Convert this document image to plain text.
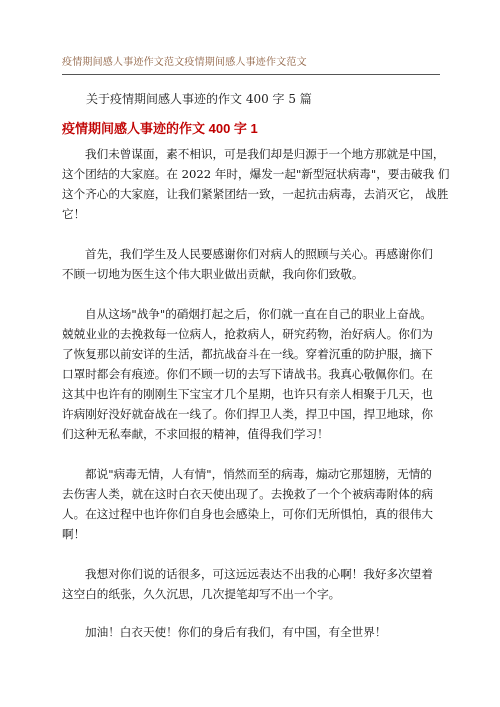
疫情期间感人事迹作文范文疫情期间感人事迹作文范文
关于疫情期间感人事迹的作文 400 字 5 篇
疫情期间感人事迹的作文 400 字 1
我们未曾谋面，素不相识，可是我们却是归源于一个地方那就是中国，
这个团结的大家庭。在 2022 年时，爆发一起"新型冠状病毒"，要击破我 们
这个齐心的大家庭，让我们紧紧团结一致，一起抗击病毒，去消灭它， 战胜
它！
首先，我们学生及人民要感谢你们对病人的照顾与关心。再感谢你们
不顾一切地为医生这个伟大职业做出贡献，我向你们致敬。
自从这场"战争"的硝烟打起之后，你们就一直在自己的职业上奋战。
兢兢业业的去挽救每一位病人，抢救病人，研究药物，治好病人。你们为
了恢复那以前安详的生活，都抗战奋斗在一线。穿着沉重的防护服，摘下
口罩时都会有痕迹。你们不顾一切的去写下请战书。我真心敬佩你们。在
这其中也许有的刚刚生下宝宝才几个星期，也许只有亲人相聚于几天，也
许病刚好没好就奋战在一线了。你们捍卫人类，捍卫中国，捍卫地球，你
们这种无私奉献，不求回报的精神，值得我们学习！
都说"病毒无情，人有情"，悄然而至的病毒，煽动它那翅膀，无情的
去伤害人类，就在这时白衣天使出现了。去挽救了一个个被病毒附体的病
人。在这过程中也许你们自身也会感染上，可你们无所惧怕，真的很伟大
啊！
我想对你们说的话很多，可这远远表达不出我的心啊！我好多次望着
这空白的纸张，久久沉思，几次提笔却写不出一个字。
加油！白衣天使！你们的身后有我们，有中国，有全世界！
